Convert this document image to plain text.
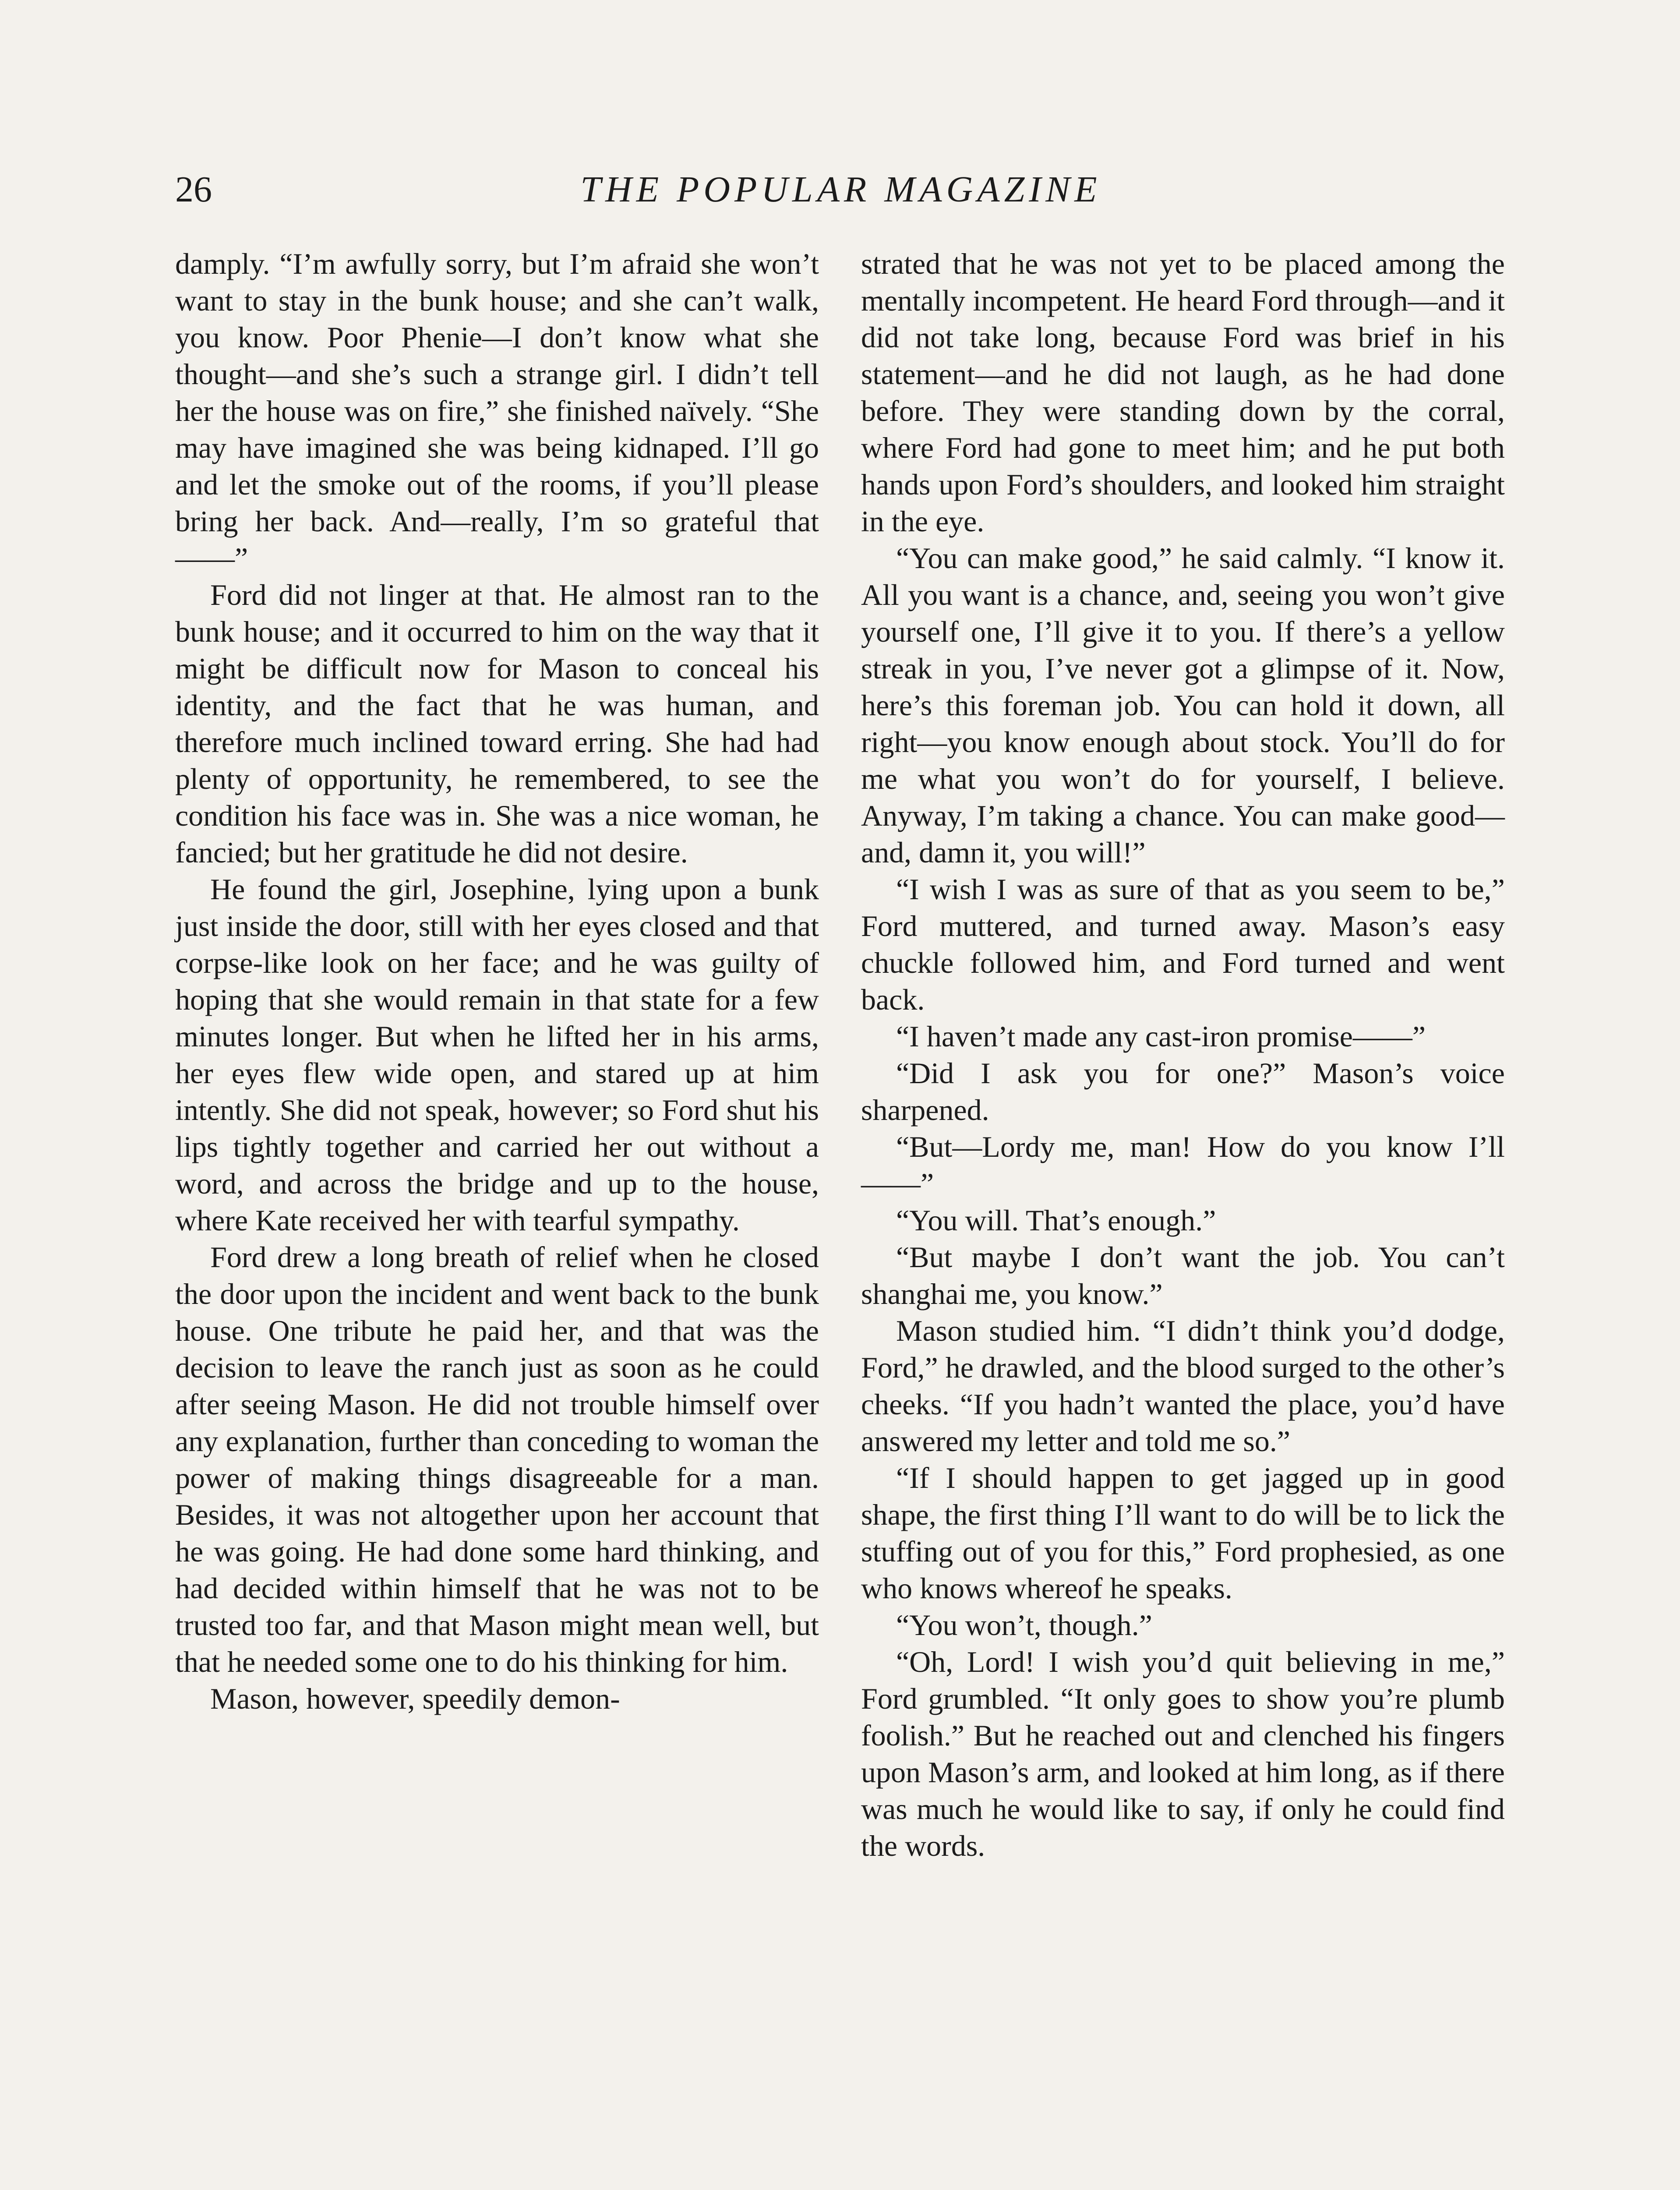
26	THE POPULAR MAGAZINE

damply. “I’m awfully sorry, but I’m afraid she won’t want to stay in the bunk house; and she can’t walk, you know. Poor Phenie—I don’t know what she thought—and she’s such a strange girl. I didn’t tell her the house was on fire,” she finished naïvely. “She may have imagined she was being kidnaped. I’ll go and let the smoke out of the rooms, if you’ll please bring her back. And—really, I’m so grateful that——”

Ford did not linger at that. He almost ran to the bunk house; and it occurred to him on the way that it might be difficult now for Mason to conceal his identity, and the fact that he was human, and therefore much inclined toward erring. She had had plenty of opportunity, he remembered, to see the condition his face was in. She was a nice woman, he fancied; but her gratitude he did not desire.

He found the girl, Josephine, lying upon a bunk just inside the door, still with her eyes closed and that corpse-like look on her face; and he was guilty of hoping that she would remain in that state for a few minutes longer. But when he lifted her in his arms, her eyes flew wide open, and stared up at him intently. She did not speak, however; so Ford shut his lips tightly together and carried her out without a word, and across the bridge and up to the house, where Kate received her with tearful sympathy.

Ford drew a long breath of relief when he closed the door upon the incident and went back to the bunk house. One tribute he paid her, and that was the decision to leave the ranch just as soon as he could after seeing Mason. He did not trouble himself over any explanation, further than conceding to woman the power of making things disagreeable for a man. Besides, it was not altogether upon her account that he was going. He had done some hard thinking, and had decided within himself that he was not to be trusted too far, and that Mason might mean well, but that he needed some one to do his thinking for him.

Mason, however, speedily demon-

strated that he was not yet to be placed among the mentally incompetent. He heard Ford through—and it did not take long, because Ford was brief in his statement—and he did not laugh, as he had done before. They were standing down by the corral, where Ford had gone to meet him; and he put both hands upon Ford’s shoulders, and looked him straight in the eye.

“You can make good,” he said calmly. “I know it. All you want is a chance, and, seeing you won’t give yourself one, I’ll give it to you. If there’s a yellow streak in you, I’ve never got a glimpse of it. Now, here’s this foreman job. You can hold it down, all right—you know enough about stock. You’ll do for me what you won’t do for yourself, I believe. Anyway, I’m taking a chance. You can make good—and, damn it, you will!”

“I wish I was as sure of that as you seem to be,” Ford muttered, and turned away. Mason’s easy chuckle followed him, and Ford turned and went back.

“I haven’t made any cast-iron promise——”

“Did I ask you for one?” Mason’s voice sharpened.

“But—Lordy me, man! How do you know I’ll——”

“You will. That’s enough.”

“But maybe I don’t want the job. You can’t shanghai me, you know.”

Mason studied him. “I didn’t think you’d dodge, Ford,” he drawled, and the blood surged to the other’s cheeks. “If you hadn’t wanted the place, you’d have answered my letter and told me so.”

“If I should happen to get jagged up in good shape, the first thing I’ll want to do will be to lick the stuffing out of you for this,” Ford prophesied, as one who knows whereof he speaks.

“You won’t, though.”

“Oh, Lord! I wish you’d quit believing in me,” Ford grumbled. “It only goes to show you’re plumb foolish.” But he reached out and clenched his fingers upon Mason’s arm, and looked at him long, as if there was much he would like to say, if only he could find the words.
